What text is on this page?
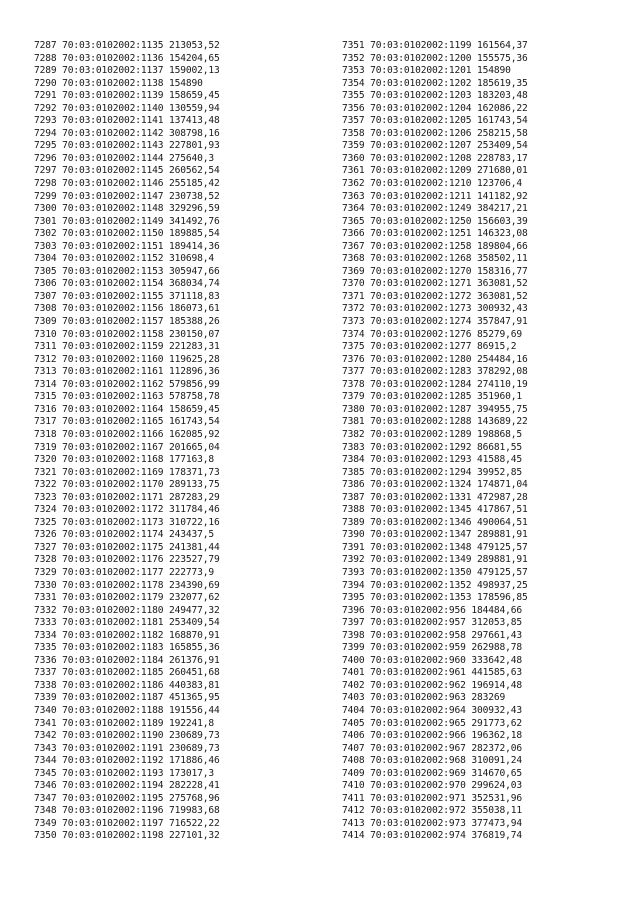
7287 70:03:0102002:1135 213053,52
7288 70:03:0102002:1136 154204,65
7289 70:03:0102002:1137 159002,13
7290 70:03:0102002:1138 154890
7291 70:03:0102002:1139 158659,45
7292 70:03:0102002:1140 130559,94
7293 70:03:0102002:1141 137413,48
7294 70:03:0102002:1142 308798,16
7295 70:03:0102002:1143 227801,93
7296 70:03:0102002:1144 275640,3
7297 70:03:0102002:1145 260562,54
7298 70:03:0102002:1146 255185,42
7299 70:03:0102002:1147 230738,52
7300 70:03:0102002:1148 329296,59
7301 70:03:0102002:1149 341492,76
7302 70:03:0102002:1150 189885,54
7303 70:03:0102002:1151 189414,36
7304 70:03:0102002:1152 310698,4
7305 70:03:0102002:1153 305947,66
7306 70:03:0102002:1154 368034,74
7307 70:03:0102002:1155 371118,83
7308 70:03:0102002:1156 186073,61
7309 70:03:0102002:1157 185388,26
7310 70:03:0102002:1158 230150,07
7311 70:03:0102002:1159 221283,31
7312 70:03:0102002:1160 119625,28
7313 70:03:0102002:1161 112896,36
7314 70:03:0102002:1162 579856,99
7315 70:03:0102002:1163 578758,78
7316 70:03:0102002:1164 158659,45
7317 70:03:0102002:1165 161743,54
7318 70:03:0102002:1166 162085,92
7319 70:03:0102002:1167 201665,04
7320 70:03:0102002:1168 177163,8
7321 70:03:0102002:1169 178371,73
7322 70:03:0102002:1170 289133,75
7323 70:03:0102002:1171 287283,29
7324 70:03:0102002:1172 311784,46
7325 70:03:0102002:1173 310722,16
7326 70:03:0102002:1174 243437,5
7327 70:03:0102002:1175 241381,44
7328 70:03:0102002:1176 223527,79
7329 70:03:0102002:1177 222773,9
7330 70:03:0102002:1178 234390,69
7331 70:03:0102002:1179 232077,62
7332 70:03:0102002:1180 249477,32
7333 70:03:0102002:1181 253409,54
7334 70:03:0102002:1182 168870,91
7335 70:03:0102002:1183 165855,36
7336 70:03:0102002:1184 261376,91
7337 70:03:0102002:1185 260451,68
7338 70:03:0102002:1186 440383,81
7339 70:03:0102002:1187 451365,95
7340 70:03:0102002:1188 191556,44
7341 70:03:0102002:1189 192241,8
7342 70:03:0102002:1190 230689,73
7343 70:03:0102002:1191 230689,73
7344 70:03:0102002:1192 171886,46
7345 70:03:0102002:1193 173017,3
7346 70:03:0102002:1194 282228,41
7347 70:03:0102002:1195 275768,96
7348 70:03:0102002:1196 719983,68
7349 70:03:0102002:1197 716522,22
7350 70:03:0102002:1198 227101,32
7351 70:03:0102002:1199 161564,37
7352 70:03:0102002:1200 155575,36
7353 70:03:0102002:1201 154890
7354 70:03:0102002:1202 185619,35
7355 70:03:0102002:1203 183203,48
7356 70:03:0102002:1204 162086,22
7357 70:03:0102002:1205 161743,54
7358 70:03:0102002:1206 258215,58
7359 70:03:0102002:1207 253409,54
7360 70:03:0102002:1208 228783,17
7361 70:03:0102002:1209 271680,01
7362 70:03:0102002:1210 123706,4
7363 70:03:0102002:1211 141182,92
7364 70:03:0102002:1249 384217,21
7365 70:03:0102002:1250 156603,39
7366 70:03:0102002:1251 146323,08
7367 70:03:0102002:1258 189804,66
7368 70:03:0102002:1268 358502,11
7369 70:03:0102002:1270 158316,77
7370 70:03:0102002:1271 363081,52
7371 70:03:0102002:1272 363081,52
7372 70:03:0102002:1273 300932,43
7373 70:03:0102002:1274 357847,91
7374 70:03:0102002:1276 85279,69
7375 70:03:0102002:1277 86915,2
7376 70:03:0102002:1280 254484,16
7377 70:03:0102002:1283 378292,08
7378 70:03:0102002:1284 274110,19
7379 70:03:0102002:1285 351960,1
7380 70:03:0102002:1287 394955,75
7381 70:03:0102002:1288 143689,22
7382 70:03:0102002:1289 198868,5
7383 70:03:0102002:1292 86681,55
7384 70:03:0102002:1293 41588,45
7385 70:03:0102002:1294 39952,85
7386 70:03:0102002:1324 174871,04
7387 70:03:0102002:1331 472987,28
7388 70:03:0102002:1345 417867,51
7389 70:03:0102002:1346 490064,51
7390 70:03:0102002:1347 289881,91
7391 70:03:0102002:1348 479125,57
7392 70:03:0102002:1349 289881,91
7393 70:03:0102002:1350 479125,57
7394 70:03:0102002:1352 498937,25
7395 70:03:0102002:1353 178596,85
7396 70:03:0102002:956 184484,66
7397 70:03:0102002:957 312053,85
7398 70:03:0102002:958 297661,43
7399 70:03:0102002:959 262988,78
7400 70:03:0102002:960 333642,48
7401 70:03:0102002:961 441585,63
7402 70:03:0102002:962 196914,48
7403 70:03:0102002:963 283269
7404 70:03:0102002:964 300932,43
7405 70:03:0102002:965 291773,62
7406 70:03:0102002:966 196362,18
7407 70:03:0102002:967 282372,06
7408 70:03:0102002:968 310091,24
7409 70:03:0102002:969 314670,65
7410 70:03:0102002:970 299624,03
7411 70:03:0102002:971 352531,96
7412 70:03:0102002:972 355038,11
7413 70:03:0102002:973 377473,94
7414 70:03:0102002:974 376819,74
